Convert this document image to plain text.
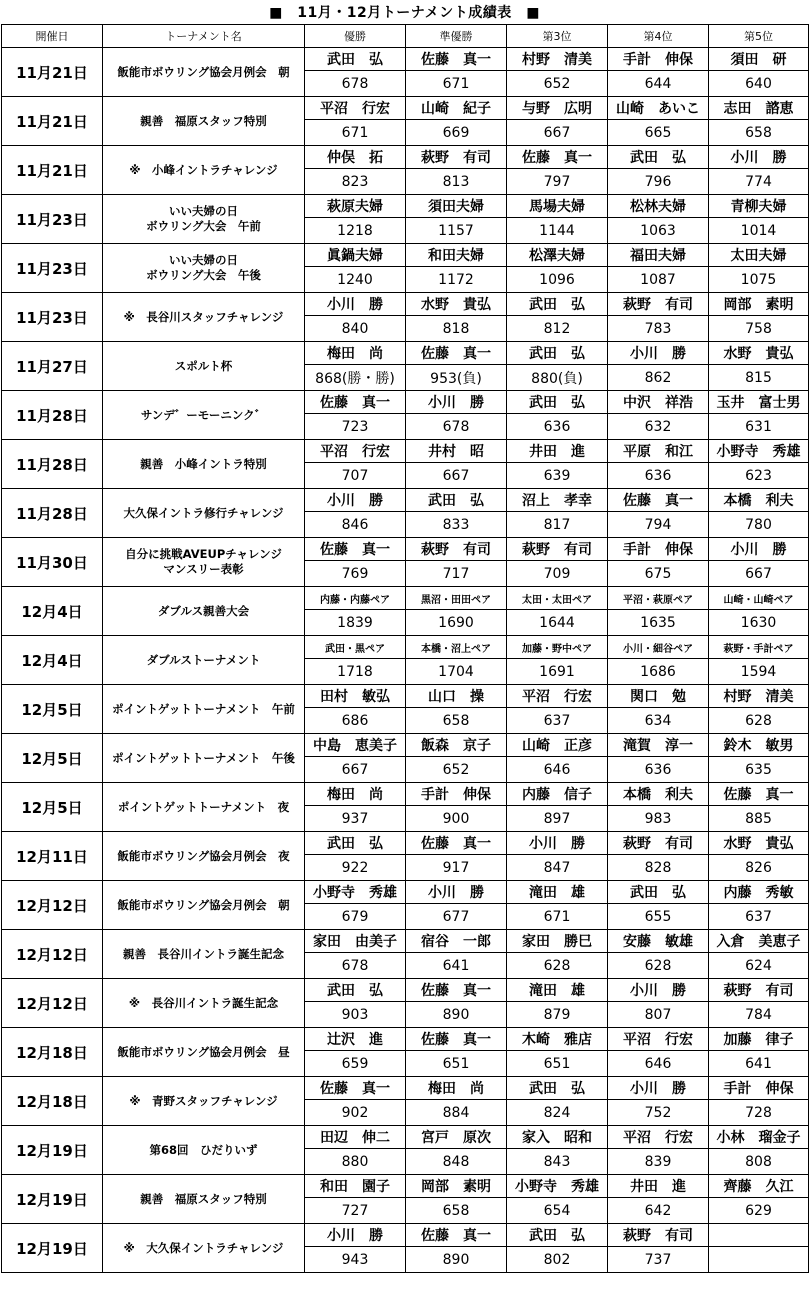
■　11月・12月トーナメント成績表　■
開催日	トーナメント名	優勝	準優勝	第3位	第4位	第5位
11月21日	飯能市ボウリング協会月例会　朝	武田　弘	佐藤　真一	村野　清美	手計　伸保	須田　研
		678	671	652	644	640
11月21日	親善　福原スタッフ特別	平沼　行宏	山崎　紀子	与野　広明	山崎　あいこ	志田　諮恵
		671	669	667	665	658
11月21日	※　小峰イントラチャレンジ	仲俣　拓	萩野　有司	佐藤　真一	武田　弘	小川　勝
		823	813	797	796	774
11月23日	いい夫婦の日
ボウリング大会　午前	萩原夫婦	須田夫婦	馬場夫婦	松林夫婦	青柳夫婦
		1218	1157	1144	1063	1014
11月23日	いい夫婦の日
ボウリング大会　午後	眞鍋夫婦	和田夫婦	松澤夫婦	福田夫婦	太田夫婦
		1240	1172	1096	1087	1075
11月23日	※　長谷川スタッフチャレンジ	小川　勝	水野　貴弘	武田　弘	萩野　有司	岡部　素明
		840	818	812	783	758
11月27日	スポルト杯	梅田　尚	佐藤　真一	武田　弘	小川　勝	水野　貴弘
		868(勝・勝)	953(負)	880(負)	862	815
11月28日	サンデ゛ーモーニンク゛	佐藤　真一	小川　勝	武田　弘	中沢　祥浩	玉井　富士男
		723	678	636	632	631
11月28日	親善　小峰イントラ特別	平沼　行宏	井村　昭	井田　進	平原　和江	小野寺　秀雄
		707	667	639	636	623
11月28日	大久保イントラ修行チャレンジ	小川　勝	武田　弘	沼上　孝幸	佐藤　真一	本橋　利夫
		846	833	817	794	780
11月30日	自分に挑戦AVEUPチャレンジ
マンスリー表彰	佐藤　真一	萩野　有司	萩野　有司	手計　伸保	小川　勝
		769	717	709	675	667
12月4日	ダブルス親善大会	内藤・内藤ペア	黒沼・田田ペア	太田・太田ペア	平沼・萩原ペア	山崎・山崎ペア
		1839	1690	1644	1635	1630
12月4日	ダブルストーナメント	武田・黒ペア	本橋・沼上ペア	加藤・野中ペア	小川・細谷ペア	萩野・手計ペア
		1718	1704	1691	1686	1594
12月5日	ポイントゲットトーナメント　午前	田村　敏弘	山口　操	平沼　行宏	関口　勉	村野　清美
		686	658	637	634	628
12月5日	ポイントゲットトーナメント　午後	中島　恵美子	飯森　京子	山崎　正彦	滝賀　淳一	鈴木　敏男
		667	652	646	636	635
12月5日	ポイントゲットトーナメント　夜	梅田　尚	手計　伸保	内藤　信子	本橋　利夫	佐藤　真一
		937	900	897	983	885
12月11日	飯能市ボウリング協会月例会　夜	武田　弘	佐藤　真一	小川　勝	萩野　有司	水野　貴弘
		922	917	847	828	826
12月12日	飯能市ボウリング協会月例会　朝	小野寺　秀雄	小川　勝	滝田　雄	武田　弘	内藤　秀敏
		679	677	671	655	637
12月12日	親善　長谷川イントラ誕生記念	家田　由美子	宿谷　一郎	家田　勝巳	安藤　敏雄	入倉　美恵子
		678	641	628	628	624
12月12日	※　長谷川イントラ誕生記念	武田　弘	佐藤　真一	滝田　雄	小川　勝	萩野　有司
		903	890	879	807	784
12月18日	飯能市ボウリング協会月例会　昼	辻沢　進	佐藤　真一	木崎　雅店	平沼　行宏	加藤　律子
		659	651	651	646	641
12月18日	※　青野スタッフチャレンジ	佐藤　真一	梅田　尚	武田　弘	小川　勝	手計　伸保
		902	884	824	752	728
12月19日	第68回　ひだりいず	田辺　伸二	宮戸　原次	家入　昭和	平沼　行宏	小林　瑠金子
		880	848	843	839	808
12月19日	親善　福原スタッフ特別	和田　園子	岡部　素明	小野寺　秀雄	井田　進	齊藤　久江
		727	658	654	642	629
12月19日	※　大久保イントラチャレンジ	小川　勝	佐藤　真一	武田　弘	萩野　有司	
		943	890	802	737	
